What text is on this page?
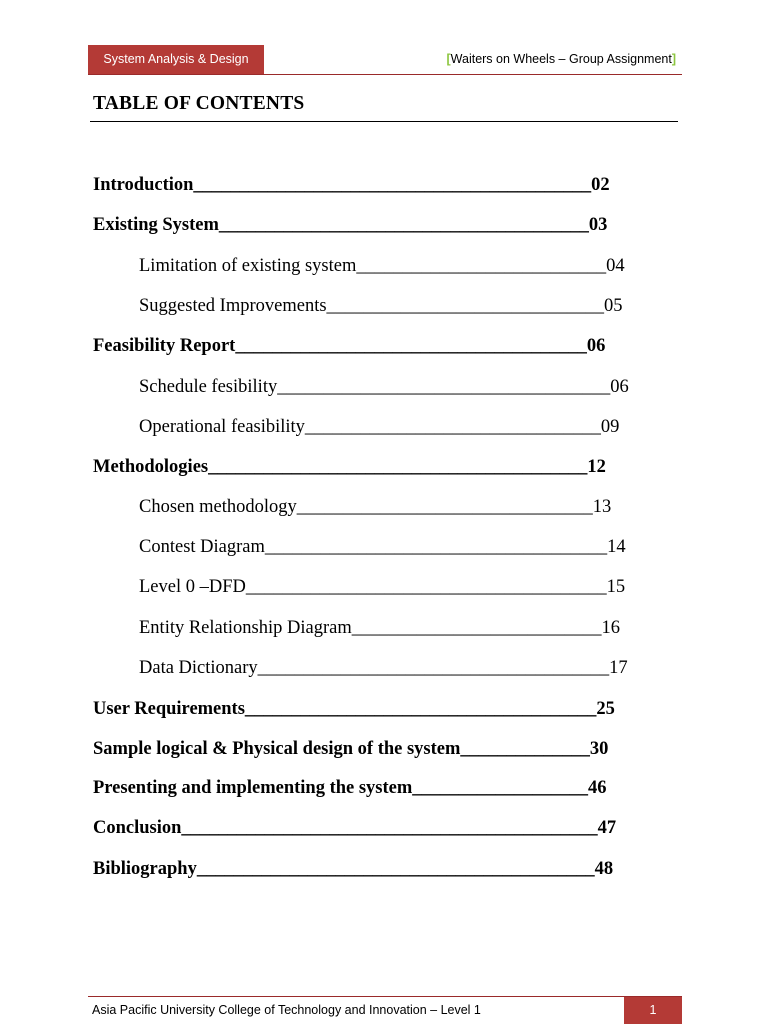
System Analysis & Design	[Waiters on Wheels – Group Assignment]
TABLE OF CONTENTS
Introduction___________________________________________02
Existing System________________________________________03
Limitation of existing system___________________________04
Suggested Improvements______________________________05
Feasibility Report______________________________________06
Schedule fesibility____________________________________06
Operational feasibility________________________________09
Methodologies_________________________________________12
Chosen methodology________________________________13
Contest Diagram_____________________________________14
Level 0 –DFD_______________________________________15
Entity Relationship Diagram___________________________16
Data Dictionary______________________________________17
User Requirements______________________________________25
Sample logical & Physical design of the system______________30
Presenting and implementing the system___________________46
Conclusion_____________________________________________47
Bibliography___________________________________________48
Asia Pacific University College of Technology and Innovation – Level 1	1
